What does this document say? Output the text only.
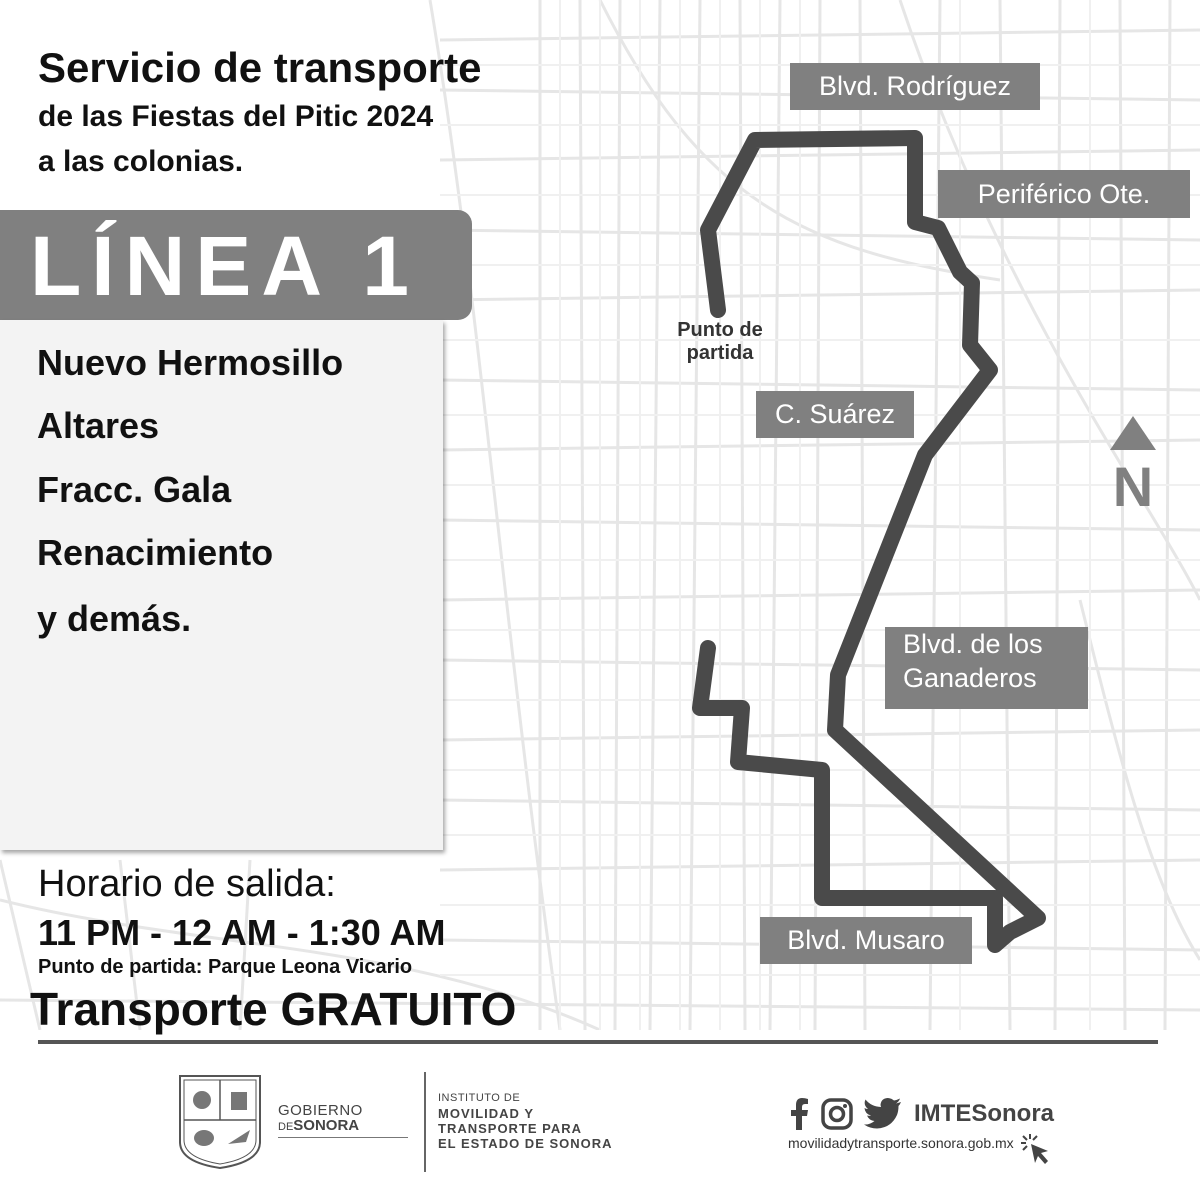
Servicio de transporte
de las Fiestas del Pitic 2024
a las colonias.
LÍNEA 1
Nuevo Hermosillo
Altares
Fracc. Gala
Renacimiento
y demás.
Blvd. Rodríguez
Periférico Ote.
C. Suárez
Blvd. de los
Ganaderos
Blvd. Musaro
Punto de
partida
N
Horario de salida:
11 PM - 12 AM - 1:30 AM
Punto de partida: Parque Leona Vicario
Transporte GRATUITO
GOBIERNO
DESONORA
INSTITUTO DE
MOVILIDAD Y
TRANSPORTE PARA
EL ESTADO DE SONORA
IMTESonora
movilidadytransporte.sonora.gob.mx
